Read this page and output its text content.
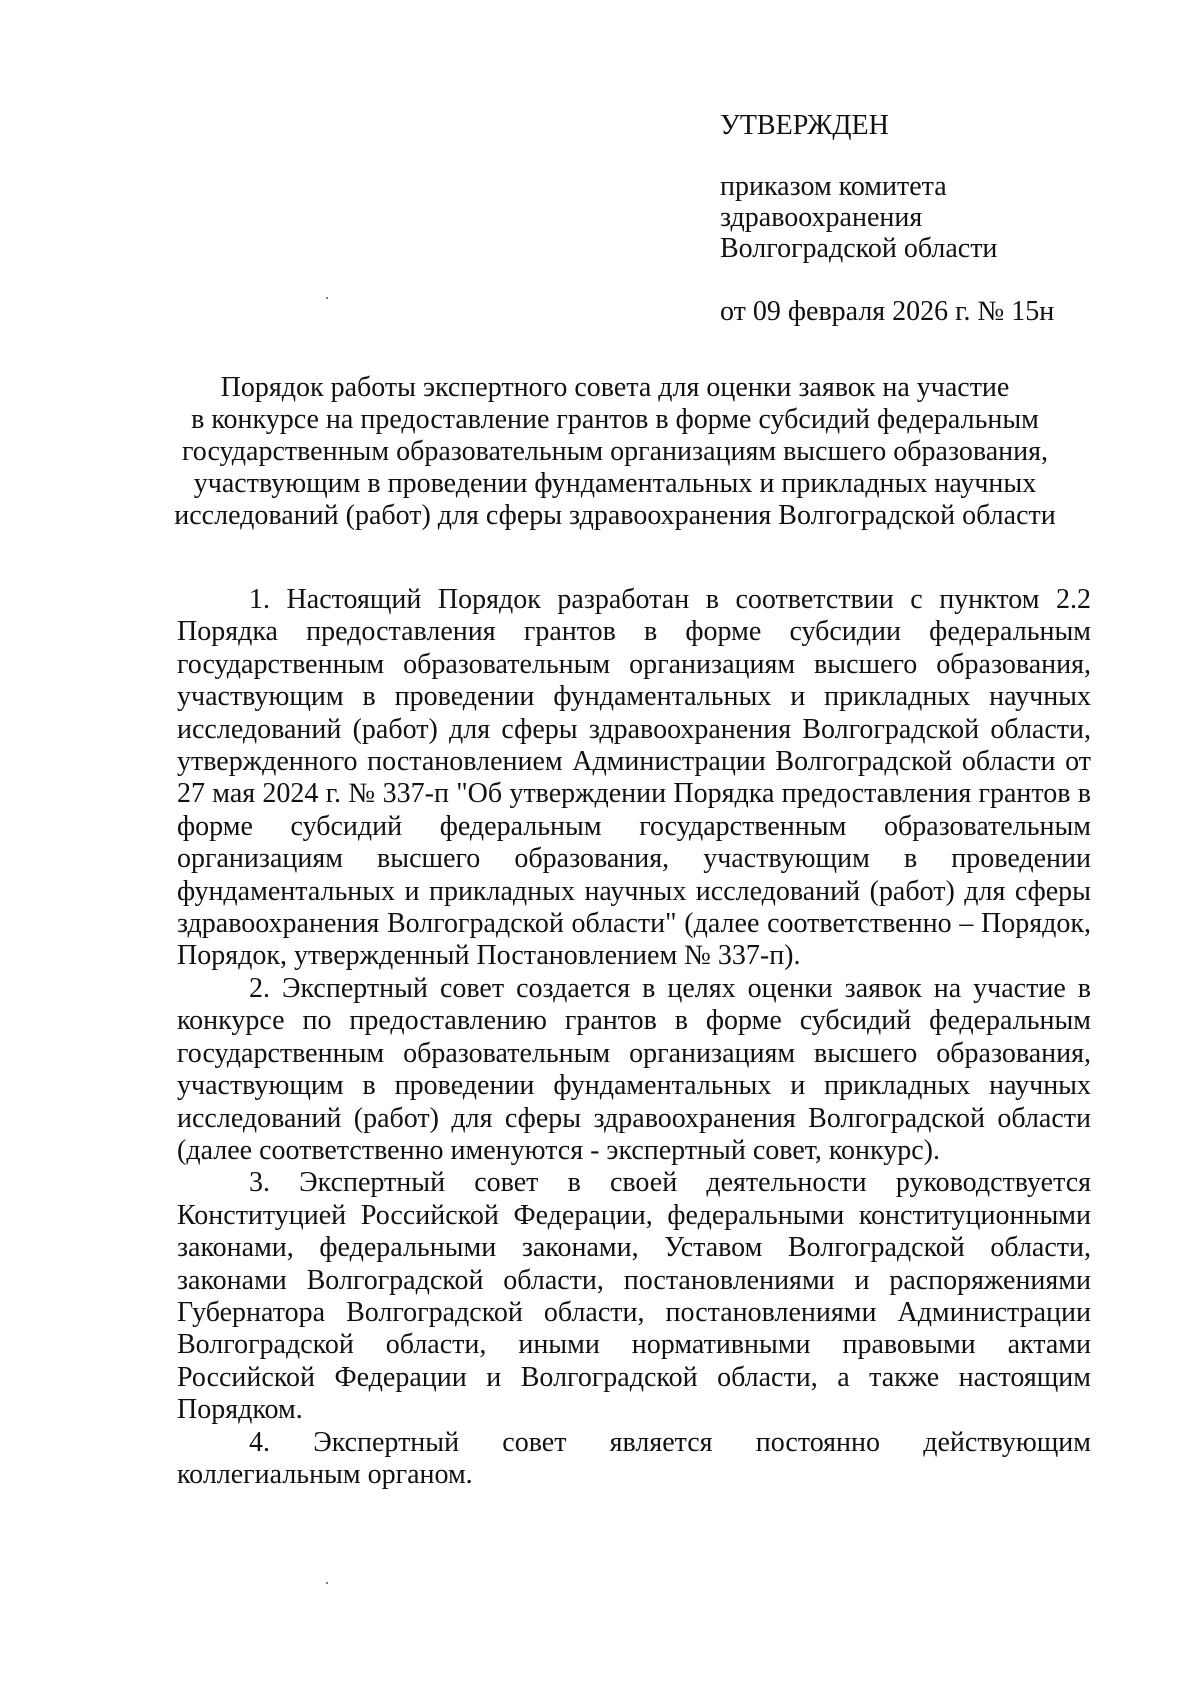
УТВЕРЖДЕН
приказом комитета
здравоохранения
Волгоградской области
от 09 февраля 2026 г. № 15н
Порядок работы экспертного совета для оценки заявок на участие
в конкурсе на предоставление грантов в форме субсидий федеральным
государственным образовательным организациям высшего образования,
участвующим в проведении фундаментальных и прикладных научных
исследований (работ) для сферы здравоохранения Волгоградской области

1. Настоящий Порядок разработан в соответствии с пунктом 2.2 Порядка предоставления грантов в форме субсидии федеральным государственным образовательным организациям высшего образования, участвующим в проведении фундаментальных и прикладных научных исследований (работ) для сферы здравоохранения Волгоградской области, утвержденного постановлением Администрации Волгоградской области от 27 мая 2024 г. № 337-п "Об утверждении Порядка предоставления грантов в форме субсидий федеральным государственным образовательным организациям высшего образования, участвующим в проведении фундаментальных и прикладных научных исследований (работ) для сферы здравоохранения Волгоградской области" (далее соответственно – Порядок, Порядок, утвержденный Постановлением № 337-п).

2. Экспертный совет создается в целях оценки заявок на участие в конкурсе по предоставлению грантов в форме субсидий федеральным государственным образовательным организациям высшего образования, участвующим в проведении фундаментальных и прикладных научных исследований (работ) для сферы здравоохранения Волгоградской области (далее соответственно именуются - экспертный совет, конкурс).

3. Экспертный совет в своей деятельности руководствуется Конституцией Российской Федерации, федеральными конституционными законами, федеральными законами, Уставом Волгоградской области, законами Волгоградской области, постановлениями и распоряжениями Губернатора Волгоградской области, постановлениями Администрации Волгоградской области, иными нормативными правовыми актами Российской Федерации и Волгоградской области, а также настоящим Порядком.

4. Экспертный совет является постоянно действующим коллегиальным органом.
